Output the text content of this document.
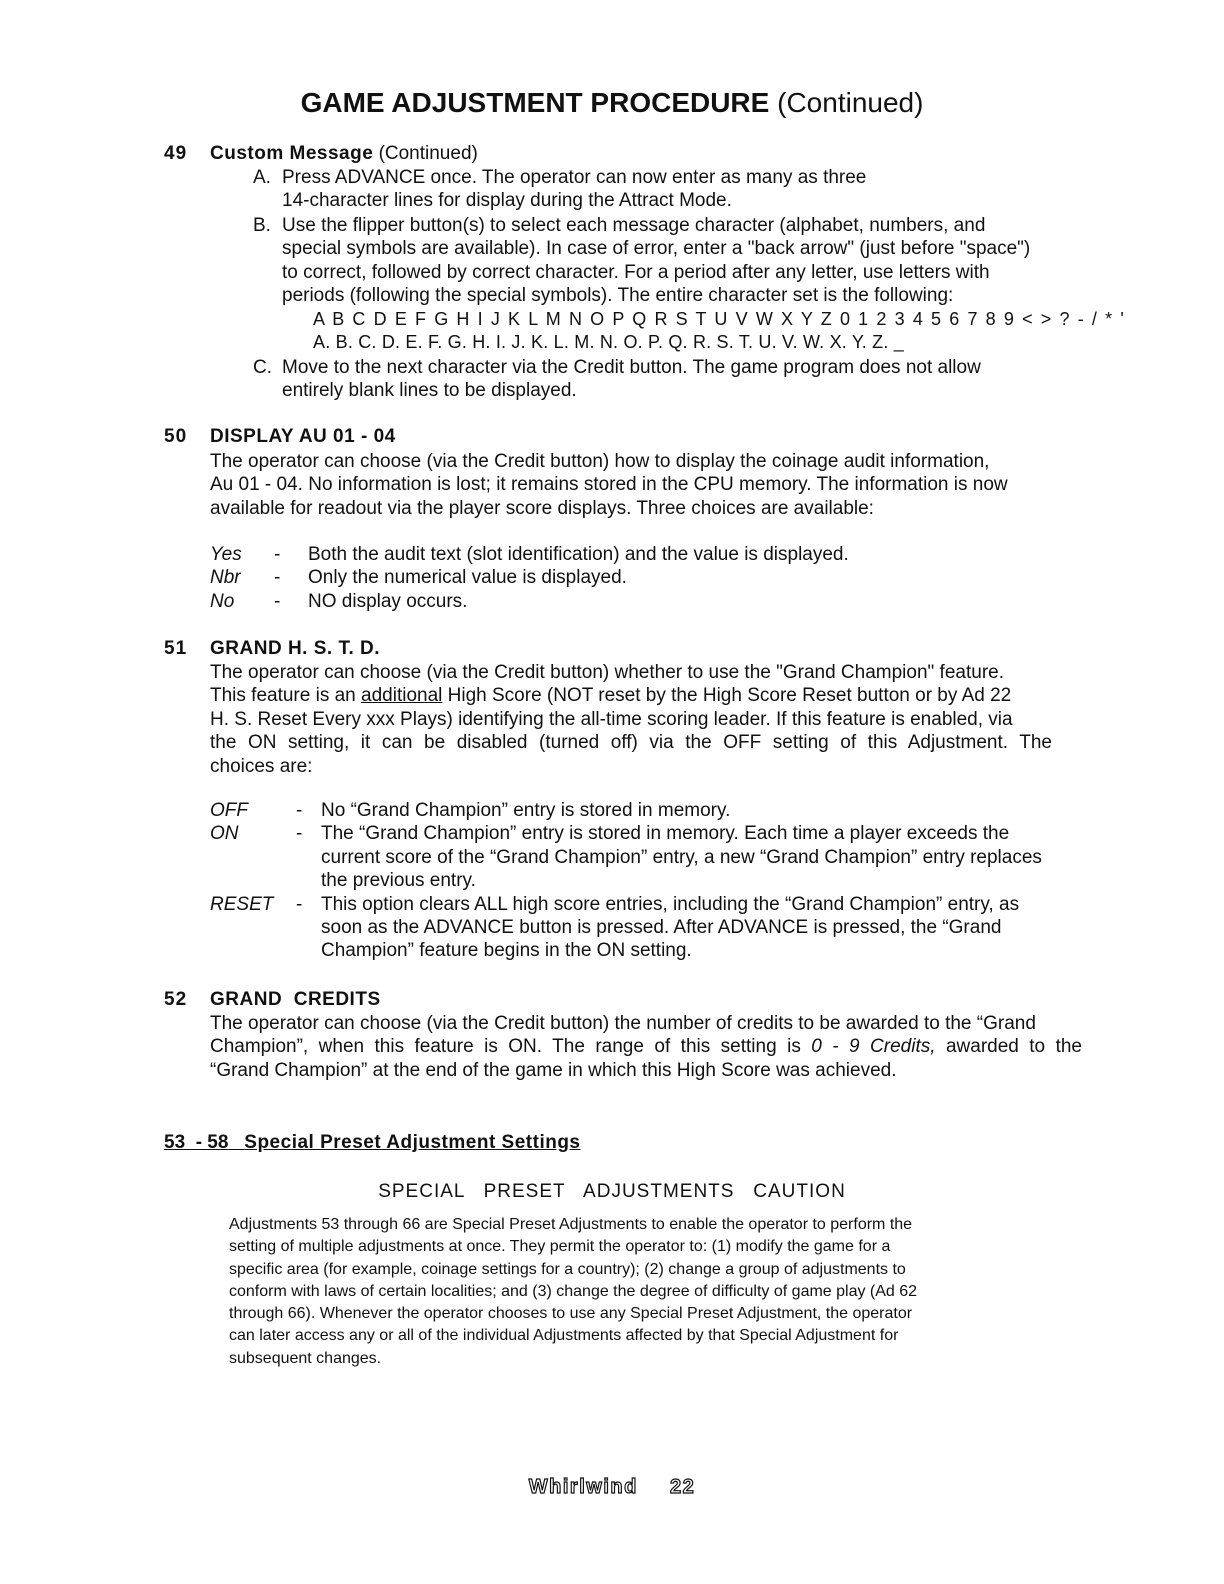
GAME ADJUSTMENT PROCEDURE (Continued)
49 Custom Message (Continued)
A. Press ADVANCE once. The operator can now enter as many as three
14-character lines for display during the Attract Mode.
B. Use the flipper button(s) to select each message character (alphabet, numbers, and
special symbols are available). In case of error, enter a "back arrow" (just before "space")
to correct, followed by correct character. For a period after any letter, use letters with
periods (following the special symbols). The entire character set is the following:
A B C D E F G H I J K L M N O P Q R S T U V W X Y Z 0 1 2 3 4 5 6 7 8 9 < > ? - / * '
A. B. C. D. E. F. G. H. I. J. K. L. M. N. O. P. Q. R. S. T. U. V. W. X. Y. Z. _
C. Move to the next character via the Credit button. The game program does not allow
entirely blank lines to be displayed.
50 DISPLAY AU 01 - 04
The operator can choose (via the Credit button) how to display the coinage audit information,
Au 01 - 04. No information is lost; it remains stored in the CPU memory. The information is now
available for readout via the player score displays. Three choices are available:
Yes	-	Both the audit text (slot identification) and the value is displayed.
Nbr	-	Only the numerical value is displayed.
No	-	NO display occurs.
51 GRAND H. S. T. D.
The operator can choose (via the Credit button) whether to use the "Grand Champion" feature.
This feature is an additional High Score (NOT reset by the High Score Reset button or by Ad 22
H. S. Reset Every xxx Plays) identifying the all-time scoring leader. If this feature is enabled, via
the ON setting, it can be disabled (turned off) via the OFF setting of this Adjustment. The
choices are:
OFF	- No “Grand Champion” entry is stored in memory.
ON	- The “Grand Champion” entry is stored in memory. Each time a player exceeds the
current score of the “Grand Champion” entry, a new “Grand Champion” entry replaces
the previous entry.
RESET	- This option clears ALL high score entries, including the “Grand Champion” entry, as
soon as the ADVANCE button is pressed. After ADVANCE is pressed, the “Grand
Champion” feature begins in the ON setting.
52 GRAND  CREDITS
The operator can choose (via the Credit button) the number of credits to be awarded to the “Grand
Champion”, when this feature is ON. The range of this setting is 0 - 9 Credits, awarded to the
“Grand Champion” at the end of the game in which this High Score was achieved.
53  - 58 Special Preset Adjustment Settings
SPECIAL   PRESET   ADJUSTMENTS   CAUTION
Adjustments 53 through 66 are Special Preset Adjustments to enable the operator to perform the
setting of multiple adjustments at once. They permit the operator to: (1) modify the game for a
specific area (for example, coinage settings for a country); (2) change a group of adjustments to
conform with laws of certain localities; and (3) change the degree of difficulty of game play (Ad 62
through 66). Whenever the operator chooses to use any Special Preset Adjustment, the operator
can later access any or all of the individual Adjustments affected by that Special Adjustment for
subsequent changes.
Whirlwind 22
